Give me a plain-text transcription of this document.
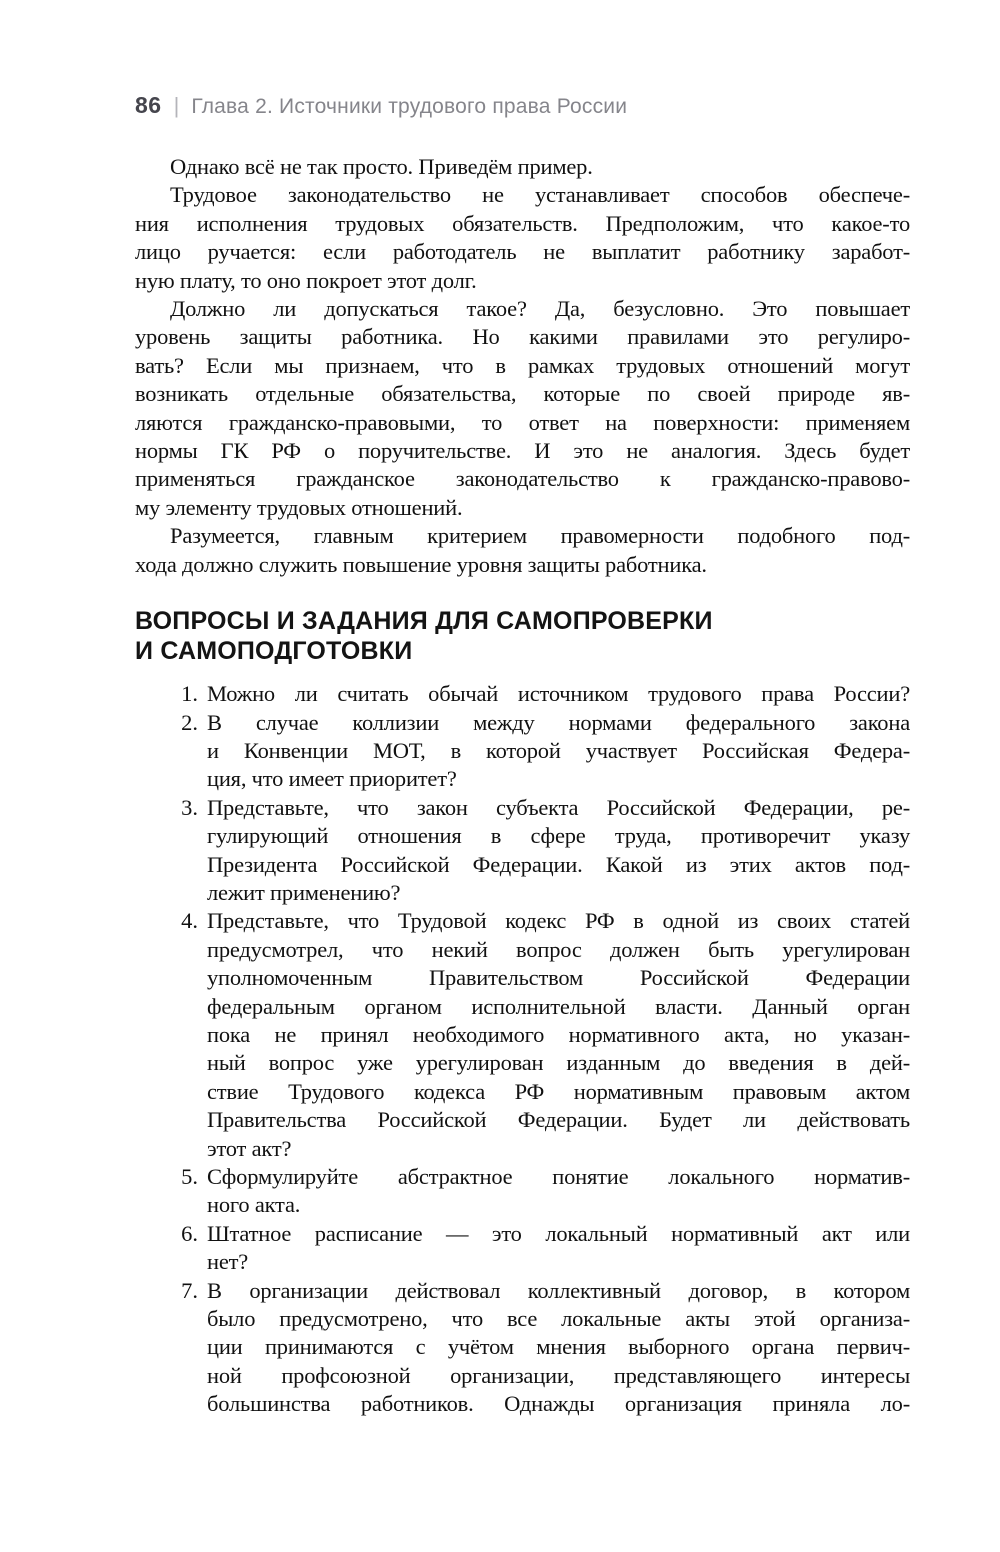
86 | Глава 2. Источники трудового права России

Однако всё не так просто. Приведём пример.

Трудовое законодательство не устанавливает способов обеспече-
ния исполнения трудовых обязательств. Предположим, что какое-то
лицо ручается: если работодатель не выплатит работнику заработ-
ную плату, то оно покроет этот долг.

Должно ли допускаться такое? Да, безусловно. Это повышает
уровень защиты работника. Но какими правилами это регулиро-
вать? Если мы признаем, что в рамках трудовых отношений могут
возникать отдельные обязательства, которые по своей природе яв-
ляются гражданско-правовыми, то ответ на поверхности: применяем
нормы ГК РФ о поручительстве. И это не аналогия. Здесь будет
применяться гражданское законодательство к гражданско-правово-
му элементу трудовых отношений.

Разумеется, главным критерием правомерности подобного под-
хода должно служить повышение уровня защиты работника.

ВОПРОСЫ И ЗАДАНИЯ ДЛЯ САМОПРОВЕРКИ
И САМОПОДГОТОВКИ
1. Можно ли считать обычай источником трудового права России?
2. В случае коллизии между нормами федерального закона
и Конвенции МОТ, в которой участвует Российская Федера-
ция, что имеет приоритет?
3. Представьте, что закон субъекта Российской Федерации, ре-
гулирующий отношения в сфере труда, противоречит указу
Президента Российской Федерации. Какой из этих актов под-
лежит применению?
4. Представьте, что Трудовой кодекс РФ в одной из своих статей
предусмотрел, что некий вопрос должен быть урегулирован
уполномоченным Правительством Российской Федерации
федеральным органом исполнительной власти. Данный орган
пока не принял необходимого нормативного акта, но указан-
ный вопрос уже урегулирован изданным до введения в дей-
ствие Трудового кодекса РФ нормативным правовым актом
Правительства Российской Федерации. Будет ли действовать
этот акт?
5. Сформулируйте абстрактное понятие локального норматив-
ного акта.
6. Штатное расписание — это локальный нормативный акт или
нет?
7. В организации действовал коллективный договор, в котором
было предусмотрено, что все локальные акты этой организа-
ции принимаются с учётом мнения выборного органа первич-
ной профсоюзной организации, представляющего интересы
большинства работников. Однажды организация приняла ло-
